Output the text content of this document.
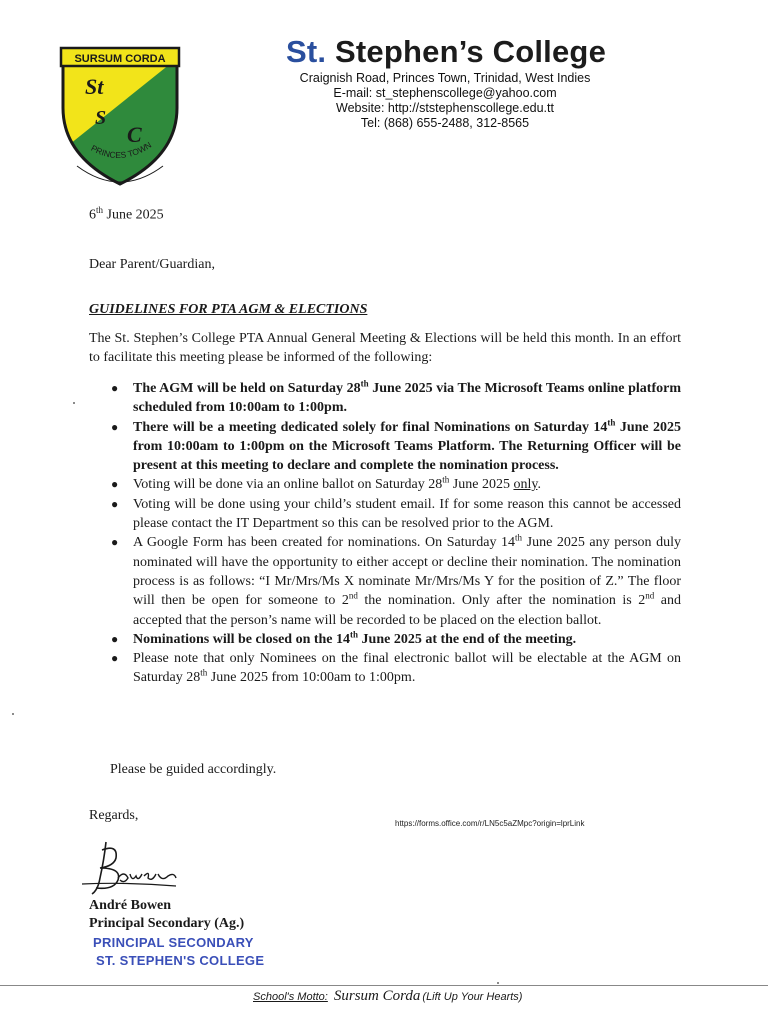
SURSUM CORDA
St
S
C
PRINCES TOWN
St. Stephen’s College
Craignish Road, Princes Town, Trinidad, West Indies
E-mail: st_stephenscollege@yahoo.com
Website: http://ststephenscollege.edu.tt
Tel: (868) 655-2488, 312-8565
6th June 2025
Dear Parent/Guardian,
GUIDELINES FOR PTA AGM & ELECTIONS
The St. Stephen’s College PTA Annual General Meeting & Elections will be held this month. In an effort to facilitate this meeting please be informed of the following:
● The AGM will be held on Saturday 28th June 2025 via The Microsoft Teams online platform scheduled from 10:00am to 1:00pm.
● There will be a meeting dedicated solely for final Nominations on Saturday 14th June 2025 from 10:00am to 1:00pm on the Microsoft Teams Platform. The Returning Officer will be present at this meeting to declare and complete the nomination process.
● Voting will be done via an online ballot on Saturday 28th June 2025 only.
● Voting will be done using your child’s student email. If for some reason this cannot be accessed please contact the IT Department so this can be resolved prior to the AGM.
● A Google Form has been created for nominations. On Saturday 14th June 2025 any person duly nominated will have the opportunity to either accept or decline their nomination. The nomination process is as follows: “I Mr/Mrs/Ms X nominate Mr/Mrs/Ms Y for the position of Z.” The floor will then be open for someone to 2nd the nomination. Only after the nomination is 2nd and accepted that the person’s name will be recorded to be placed on the election ballot.
● Nominations will be closed on the 14th June 2025 at the end of the meeting.
● Please note that only Nominees on the final electronic ballot will be electable at the AGM on Saturday 28th June 2025 from 10:00am to 1:00pm.
Please be guided accordingly.
Regards,
https://forms.office.com/r/LN5c5aZMpc?origin=lprLink
André Bowen
Principal Secondary (Ag.)
PRINCIPAL SECONDARY
ST. STEPHEN'S COLLEGE
School's Motto: Sursum Corda (Lift Up Your Hearts)
